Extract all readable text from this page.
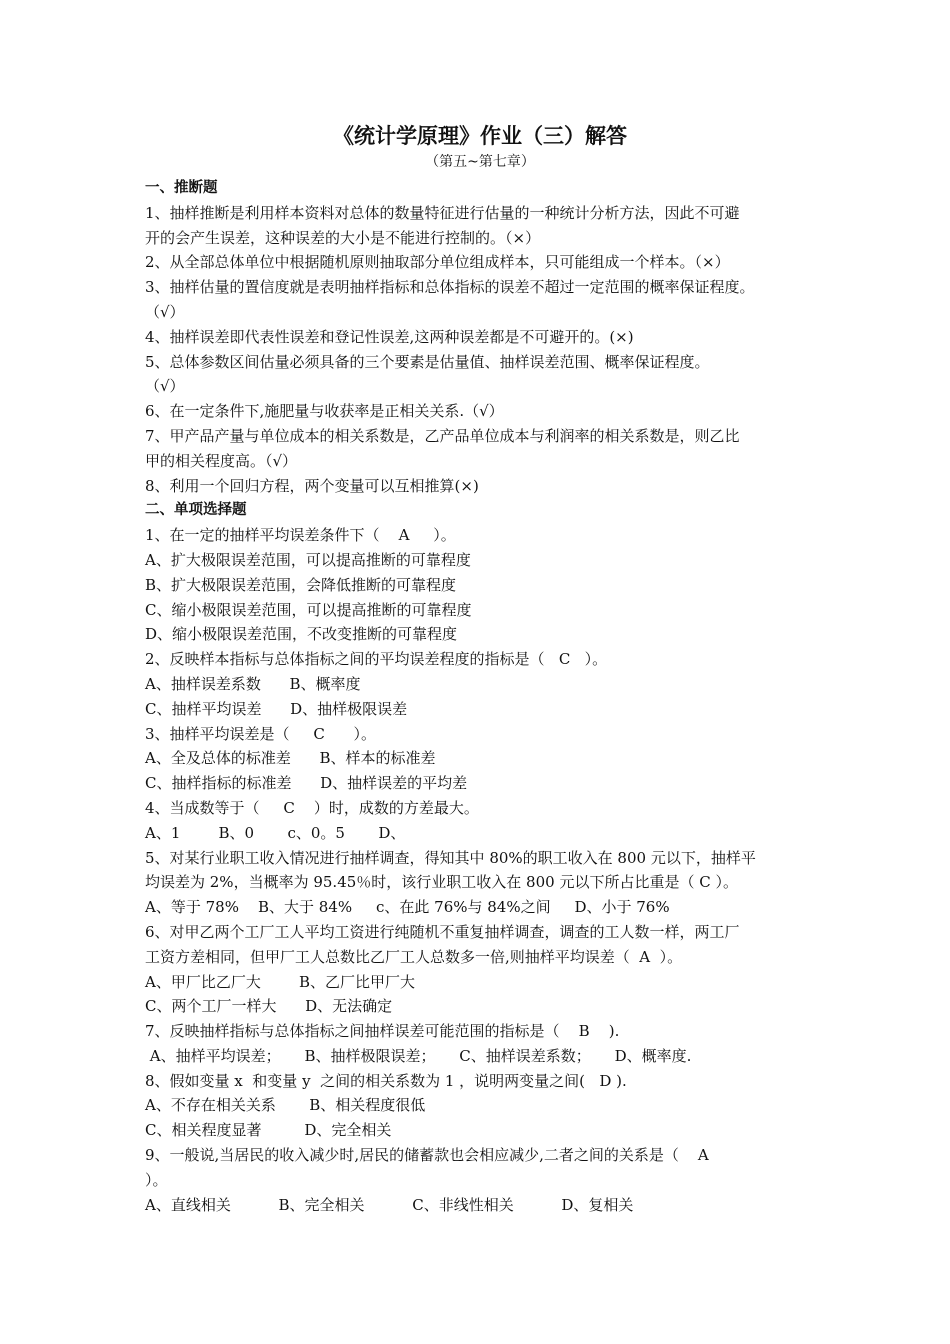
《统计学原理》作业（三）解答
（第五~第七章）
一、推断题
1、抽样推断是利用样本资料对总体的数量特征进行估量的一种统计分析方法，因此不可避
开的会产生误差，这种误差的大小是不能进行控制的。（×）
2、从全部总体单位中根据随机原则抽取部分单位组成样本，只可能组成一个样本。（×）
3、抽样估量的置信度就是表明抽样指标和总体指标的误差不超过一定范围的概率保证程度。
（√）
4、抽样误差即代表性误差和登记性误差,这两种误差都是不可避开的。(×)
5、总体参数区间估量必须具备的三个要素是估量值、抽样误差范围、概率保证程度。
（√）
6、在一定条件下,施肥量与收获率是正相关关系.（√）
7、甲产品产量与单位成本的相关系数是，乙产品单位成本与利润率的相关系数是，则乙比
甲的相关程度高。（√）
8、利用一个回归方程，两个变量可以互相推算(×)
二、单项选择题
1、在一定的抽样平均误差条件下（    A     ）。
A、扩大极限误差范围，可以提高推断的可靠程度
B、扩大极限误差范围，会降低推断的可靠程度
C、缩小极限误差范围，可以提高推断的可靠程度
D、缩小极限误差范围，不改变推断的可靠程度
2、反映样本指标与总体指标之间的平均误差程度的指标是（   C   ）。
A、抽样误差系数      B、概率度
C、抽样平均误差      D、抽样极限误差
3、抽样平均误差是（     C      ）。
A、全及总体的标准差      B、样本的标准差
C、抽样指标的标准差      D、抽样误差的平均差
4、当成数等于（     C    ）时，成数的方差最大。
A、1        B、0       c、0。5       D、
5、对某行业职工收入情况进行抽样调查，得知其中 80%的职工收入在 800 元以下，抽样平
均误差为 2%，当概率为 95.45％时，该行业职工收入在 800 元以下所占比重是（ C ）。
A、等于 78%    B、大于 84%     c、在此 76%与 84%之间     D、小于 76%
6、对甲乙两个工厂工人平均工资进行纯随机不重复抽样调查，调查的工人数一样，两工厂
工资方差相同，但甲厂工人总数比乙厂工人总数多一倍,则抽样平均误差（  A  ）。
A、甲厂比乙厂大        B、乙厂比甲厂大
C、两个工厂一样大      D、无法确定
7、反映抽样指标与总体指标之间抽样误差可能范围的指标是（    B    ).
A、抽样平均误差；     B、抽样极限误差；     C、抽样误差系数；     D、概率度.
8、假如变量 x  和变量 y  之间的相关系数为 1 ，说明两变量之间(   D ).
A、不存在相关关系       B、相关程度很低
C、相关程度显著         D、完全相关
9、一般说,当居民的收入减少时,居民的储蓄款也会相应减少,二者之间的关系是（    A
）。
A、直线相关          B、完全相关          C、非线性相关          D、复相关
